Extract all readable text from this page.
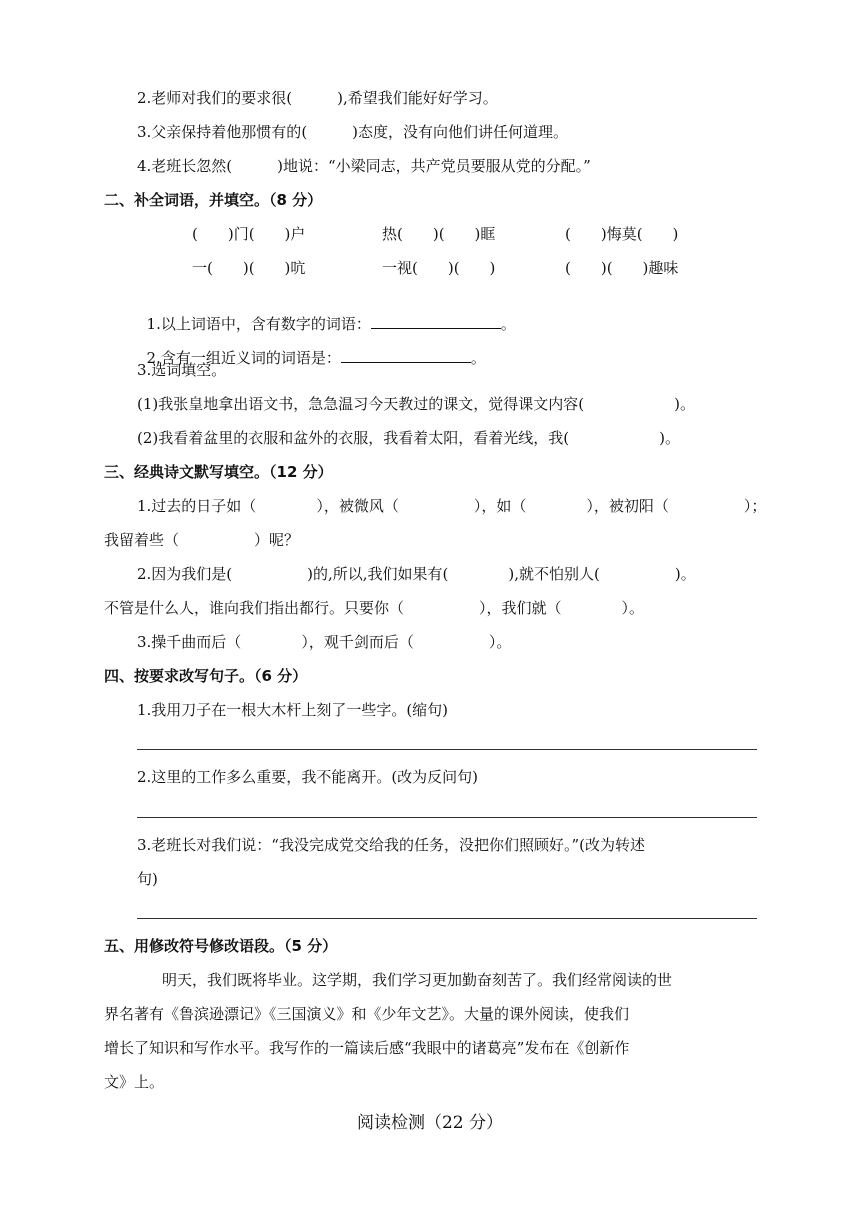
2.老师对我们的要求很(　　　),希望我们能好好学习。
3.父亲保持着他那惯有的(　　　)态度，没有向他们讲任何道理。
4.老班长忽然(　　　)地说：“小梁同志，共产党员要服从党的分配。”
二、补全词语，并填空。（8 分）
(　　)门(　　)户	热(　　)(　　)眶	(　　)悔莫(　　)
一(　　)(　　)吭	一视(　　)(　　)	(　　)(　　)趣味

1.以上词语中，含有数字的词语：	。

2.含有一组近义词的词语是：	。

3.选词填空。
(1)我张皇地拿出语文书，急急温习今天教过的课文，觉得课文内容(　　　　　　)。
(2)我看着盆里的衣服和盆外的衣服，我看着太阳，看着光线，我(　　　　　　)。
三、经典诗文默写填空。（12 分）
1.过去的日子如（　　　　），被微风（　　　　　），如（　　　　），被初阳（　　　　　）；
我留着些（　　　　　）呢？
2.因为我们是(　　　　　)的,所以,我们如果有(　　　　),就不怕别人(　　　　　)。
不管是什么人，谁向我们指出都行。只要你（　　　　　），我们就（　　　　）。
3.操千曲而后（　　　　），观千剑而后（　　　　　）。
四、按要求改写句子。（6 分）
1.我用刀子在一根大木杆上刻了一些字。(缩句)
2.这里的工作多么重要，我不能离开。(改为反问句)
3.老班长对我们说：“我没完成党交给我的任务，没把你们照顾好。”(改为转述
句)
五、用修改符号修改语段。（5 分）
明天，我们既将毕业。这学期，我们学习更加勤奋刻苦了。我们经常阅读的世
界名著有《鲁滨逊漂记》《三国演义》和《少年文艺》。大量的课外阅读，使我们
增长了知识和写作水平。我写作的一篇读后感“我眼中的诸葛亮”发布在《创新作
文》上。
阅读检测（22 分）
